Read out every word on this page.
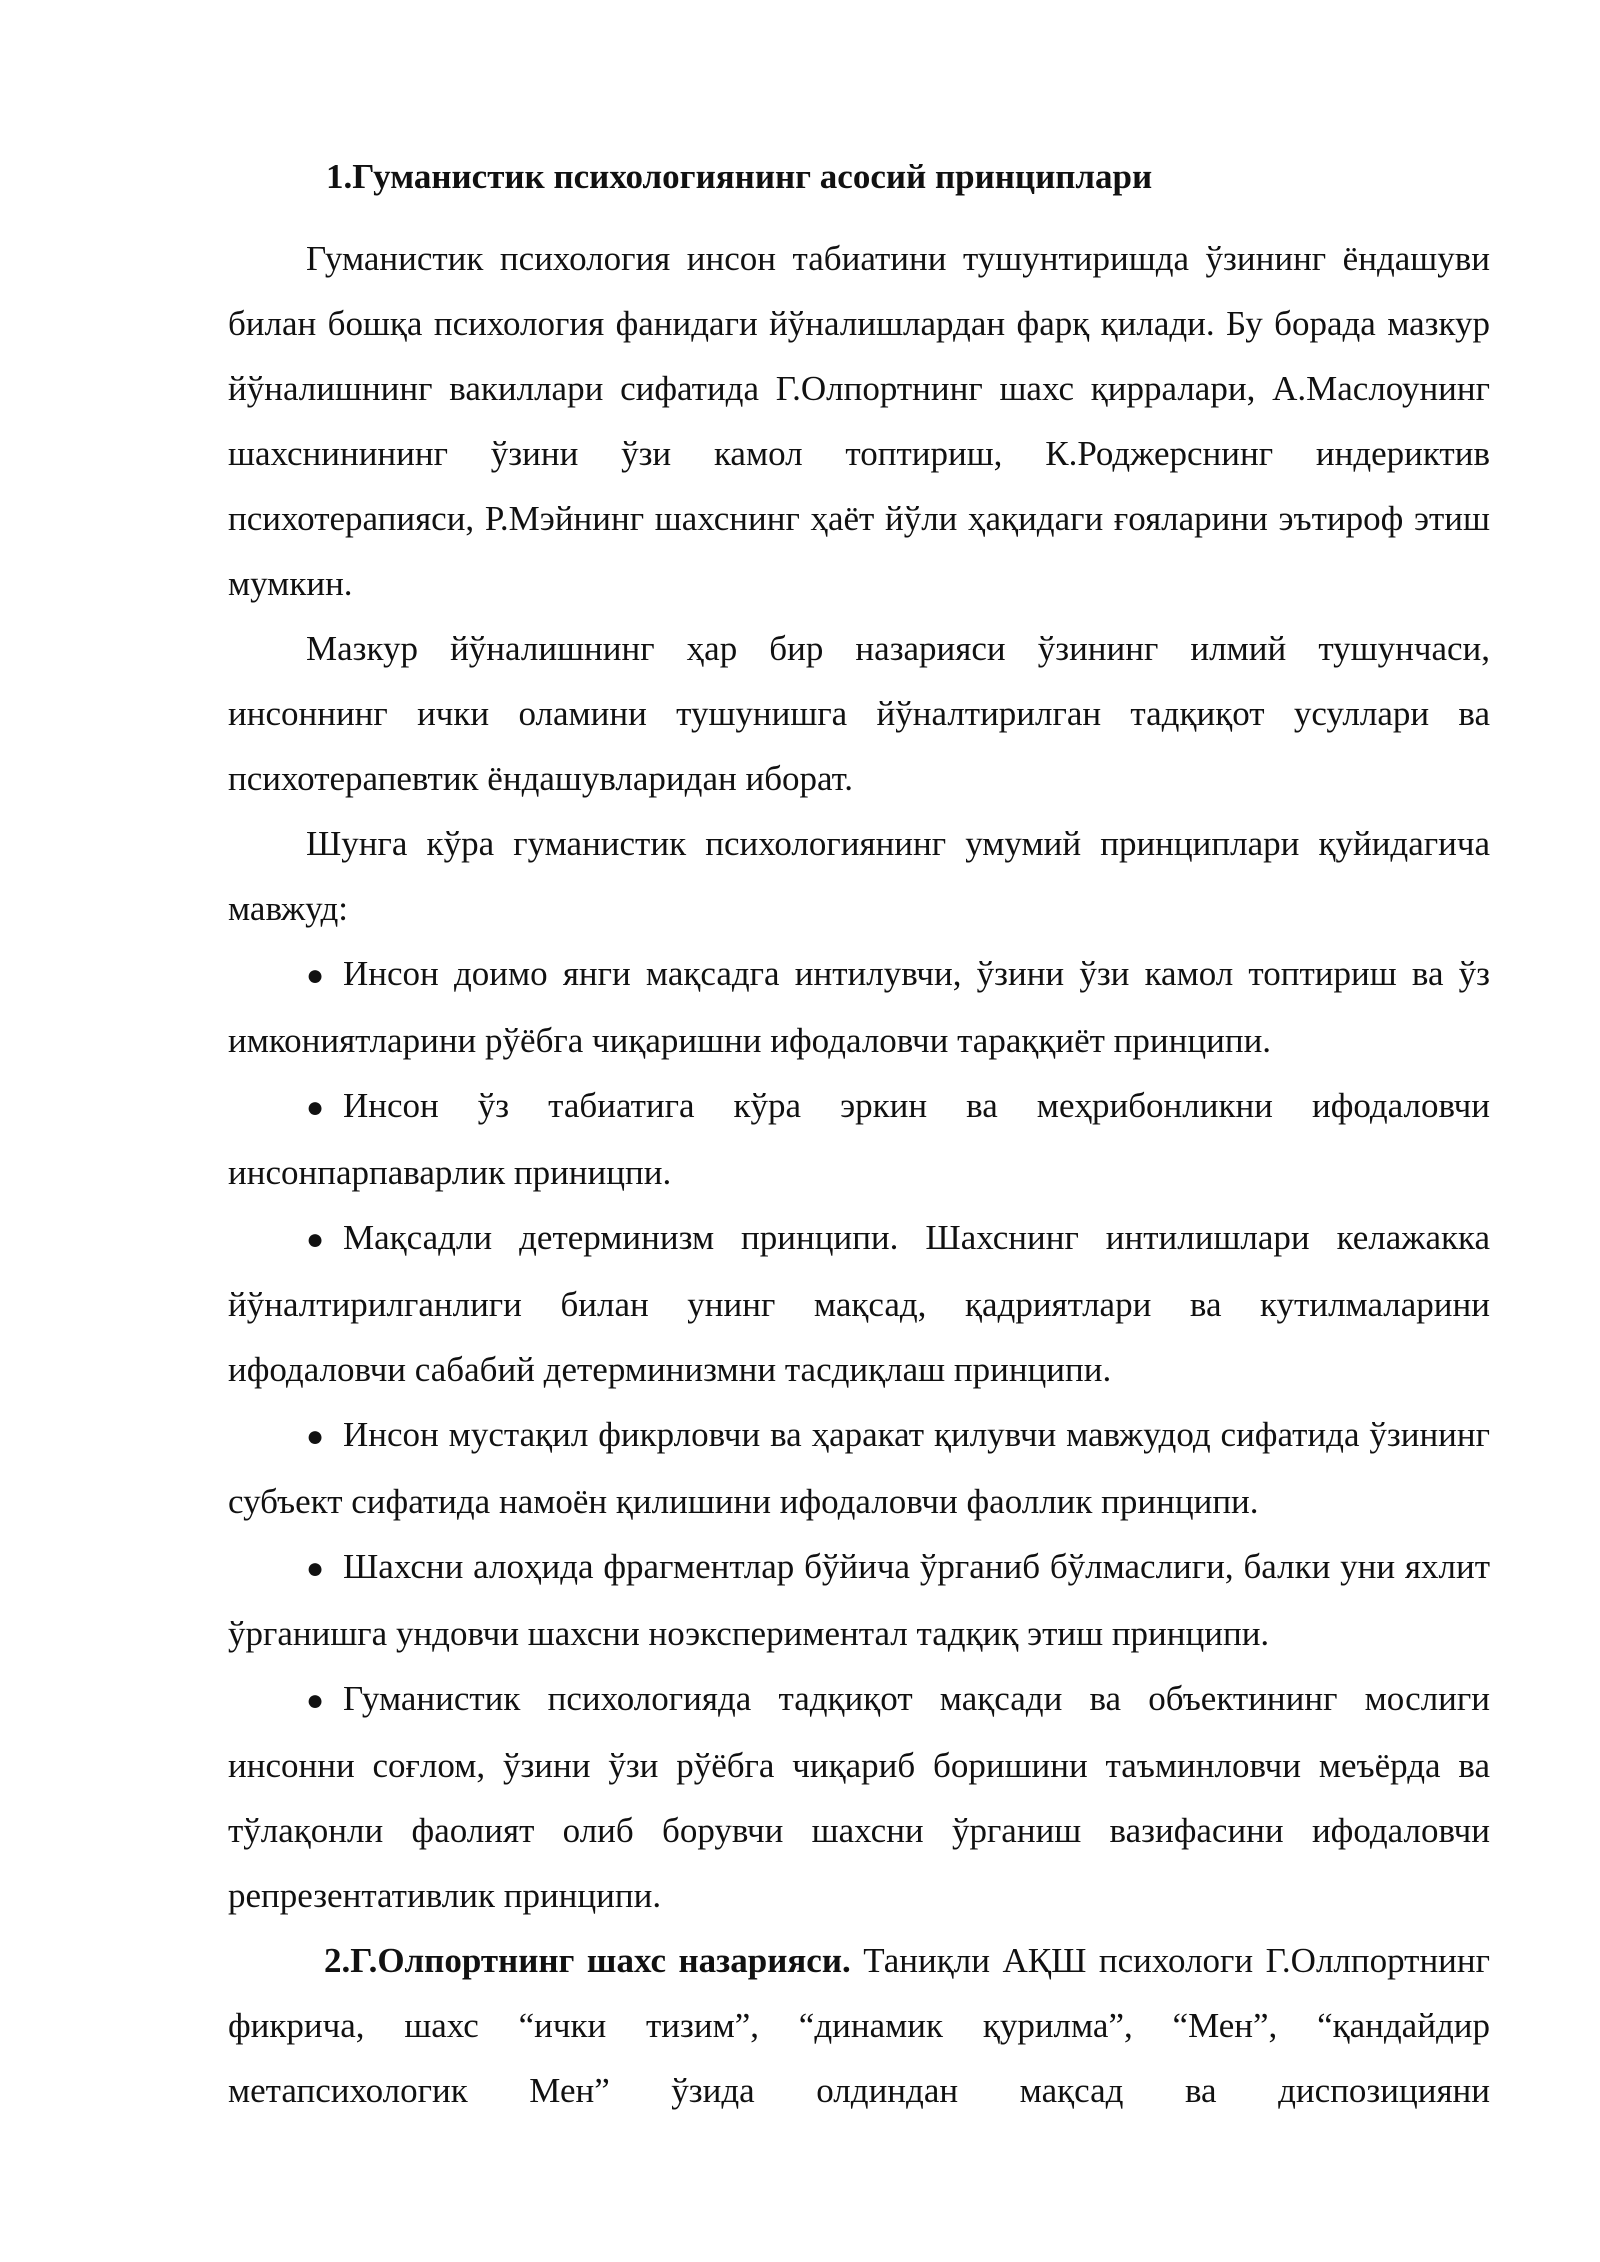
1.Гуманистик психологиянинг асосий принциплари

Гуманистик психология инсон табиатини тушунтиришда ўзининг ёндашуви билан бошқа психология фанидаги йўналишлардан фарқ қилади. Бу борада мазкур йўналишнинг вакиллари сифатида Г.Олпортнинг шахс қирралари, А.Маслоунинг шахснинининг ўзини ўзи камол топтириш, К.Роджерснинг индериктив психотерапияси, Р.Мэйнинг шахснинг ҳаёт йўли ҳақидаги ғояларини эътироф этиш мумкин.

Мазкур йўналишнинг ҳар бир назарияси ўзининг илмий тушунчаси, инсоннинг ички оламини тушунишга йўналтирилган тадқиқот усуллари ва психотерапевтик ёндашувларидан иборат.

Шунга кўра гуманистик психологиянинг умумий принциплари қуйидагича мавжуд:

● Инсон доимо янги мақсадга интилувчи, ўзини ўзи камол топтириш ва ўз имкониятларини рўёбга чиқаришни ифодаловчи тараққиёт принципи.
● Инсон ўз табиатига кўра эркин ва меҳрибонликни ифодаловчи инсонпарпаварлик приницпи.
● Мақсадли детерминизм принципи. Шахснинг интилишлари келажакка йўналтирилганлиги билан унинг мақсад, қадриятлари ва кутилмаларини ифодаловчи сабабий детерминизмни тасдиқлаш принципи.
● Инсон мустақил фикрловчи ва ҳаракат қилувчи мавжудод сифатида ўзининг субъект сифатида намоён қилишини ифодаловчи фаоллик принципи.
● Шахсни алоҳида фрагментлар бўйича ўрганиб бўлмаслиги, балки уни яхлит ўрганишга ундовчи шахсни ноэкспериментал тадқиқ этиш принципи.
● Гуманистик психологияда тадқиқот мақсади ва объектининг мослиги инсонни соғлом, ўзини ўзи рўёбга чиқариб боришини таъминловчи меъёрда ва тўлақонли фаолият олиб борувчи шахсни ўрганиш вазифасини ифодаловчи репрезентативлик принципи.

2.Г.Олпортнинг шахс назарияси. Таниқли АҚШ психологи Г.Оллпортнинг фикрича, шахс “ички тизим”, “динамик қурилма”, “Мен”, “қандайдир метапсихологик Мен” ўзида олдиндан мақсад ва диспозицияни
